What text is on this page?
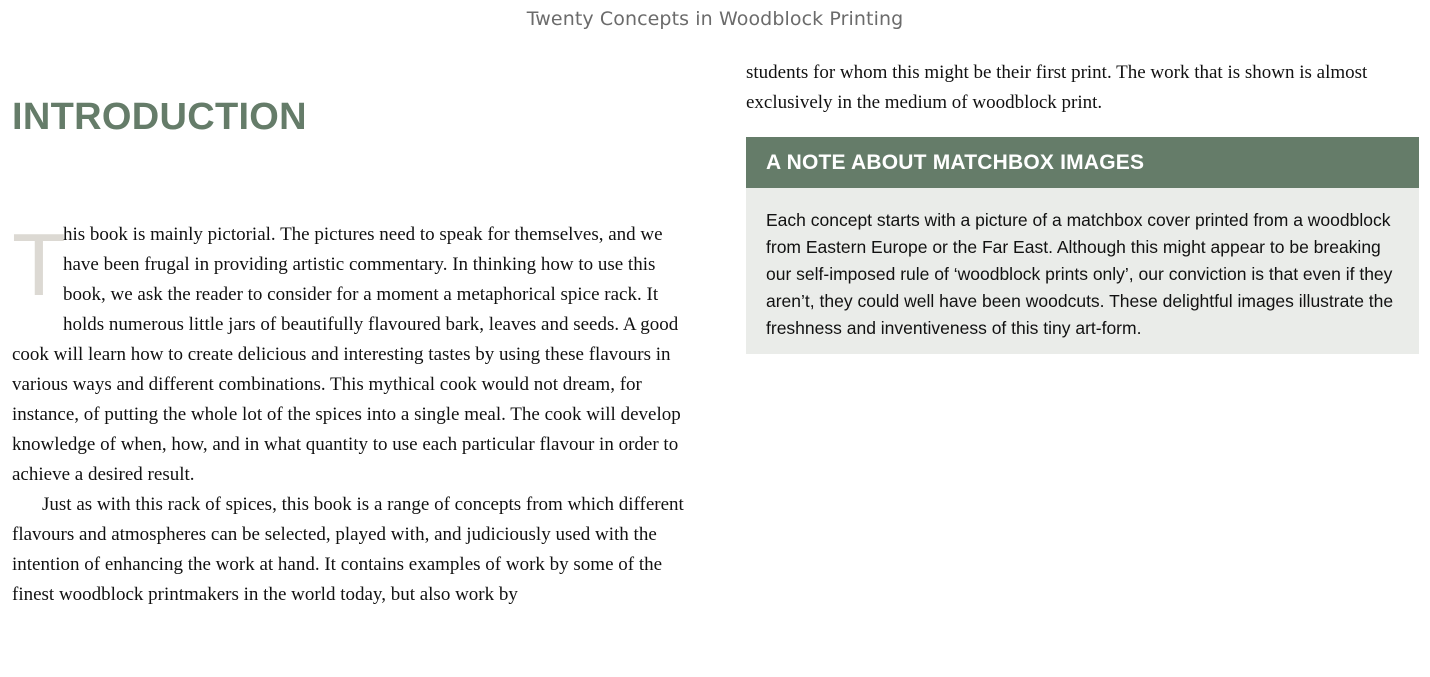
Twenty Concepts in Woodblock Printing
INTRODUCTION

T
his book is mainly pictorial. The pictures need to speak for themselves, and we have been frugal in providing artistic commentary. In thinking how to use this book, we ask the reader to consider for a moment a metaphorical spice rack. It holds numerous little jars of beautifully flavoured bark, leaves and seeds. A good cook will learn how to create delicious and interesting tastes by using these flavours in various ways and different combinations. This mythical cook would not dream, for instance, of putting the whole lot of the spices into a single meal. The cook will develop knowledge of when, how, and in what quantity to use each particular flavour in order to achieve a desired result.

Just as with this rack of spices, this book is a range of concepts from which different flavours and atmospheres can be selected, played with, and judiciously used with the intention of enhancing the work at hand. It contains examples of work by some of the finest woodblock printmakers in the world today, but also work by

students for whom this might be their first print. The work that is shown is almost exclusively in the medium of woodblock print.

A NOTE ABOUT MATCHBOX IMAGES
Each concept starts with a picture of a matchbox cover printed from a woodblock from Eastern Europe or the Far East. Although this might appear to be breaking our self-imposed rule of ‘woodblock prints only’, our conviction is that even if they aren’t, they could well have been woodcuts. These delightful images illustrate the freshness and inventiveness of this tiny art-form.
